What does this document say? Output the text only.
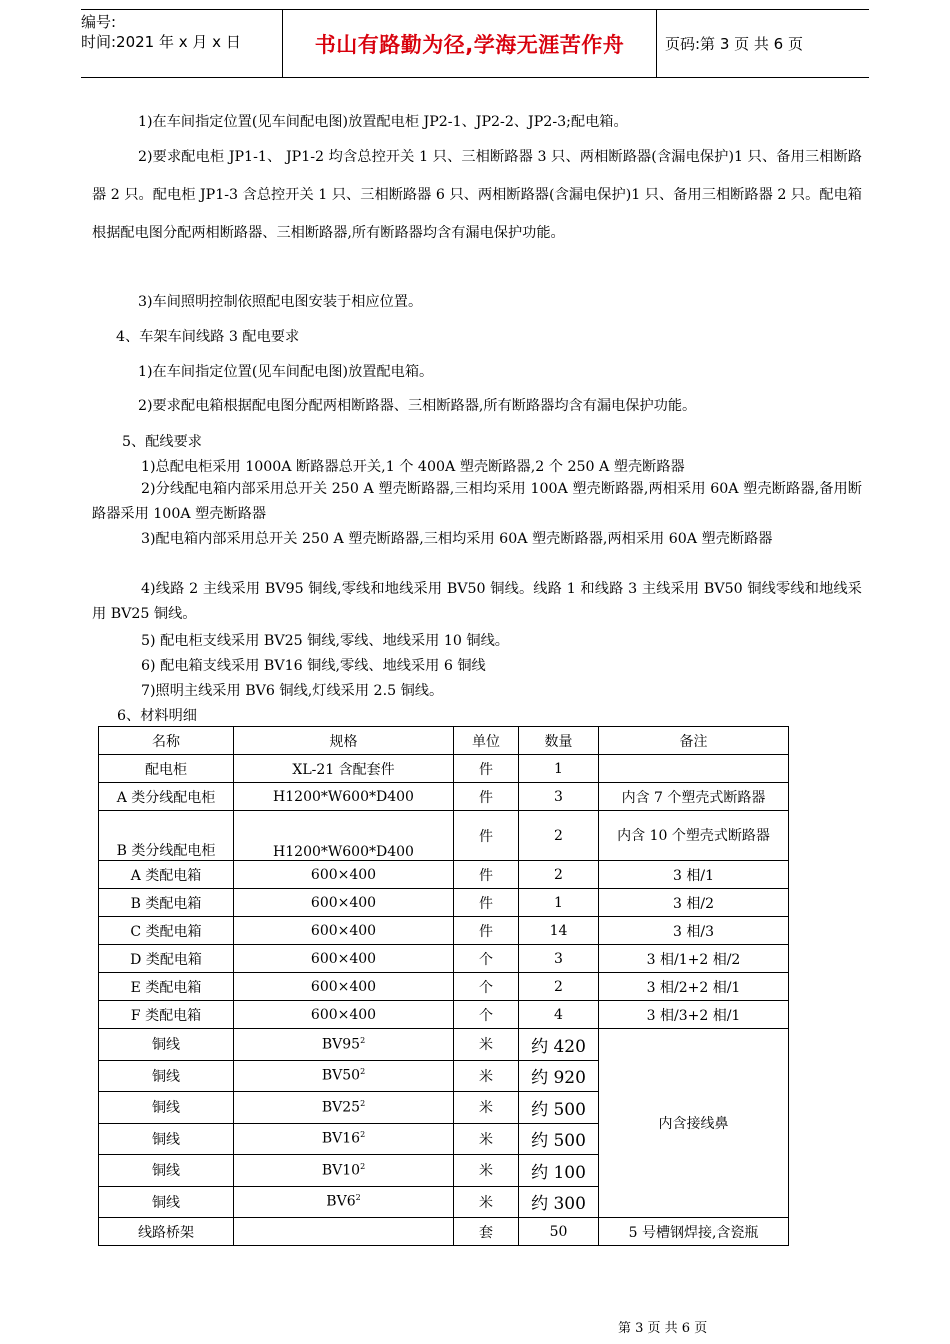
编号:
时间:2021 年 x 月 x 日	书山有路勤为径,学海无涯苦作舟	页码:第 3 页 共 6 页
1)在车间指定位置(见车间配电图)放置配电柜 JP2-1、JP2-2、JP2-3;配电箱。
2)要求配电柜 JP1-1、 JP1-2 均含总控开关 1 只、三相断路器 3 只、两相断路器(含漏电保护)1 只、备用三相断路器 2 只。配电柜 JP1-3 含总控开关 1 只、三相断路器 6 只、两相断路器(含漏电保护)1 只、备用三相断路器 2 只。配电箱根据配电图分配两相断路器、三相断路器,所有断路器均含有漏电保护功能。
3)车间照明控制依照配电图安装于相应位置。
4、车架车间线路 3 配电要求
1)在车间指定位置(见车间配电图)放置配电箱。
2)要求配电箱根据配电图分配两相断路器、三相断路器,所有断路器均含有漏电保护功能。
5、配线要求
1)总配电柜采用 1000A 断路器总开关,1 个 400A 塑壳断路器,2 个 250 A 塑壳断路器
2)分线配电箱内部采用总开关 250 A 塑壳断路器,三相均采用 100A 塑壳断路器,两相采用 60A 塑壳断路器,备用断路器采用 100A 塑壳断路器
3)配电箱内部采用总开关 250 A 塑壳断路器,三相均采用 60A 塑壳断路器,两相采用 60A 塑壳断路器
4)线路 2 主线采用 BV95 铜线,零线和地线采用 BV50 铜线。线路 1 和线路 3 主线采用 BV50 铜线零线和地线采用 BV25 铜线。
5) 配电柜支线采用 BV25 铜线,零线、地线采用 10 铜线。
6) 配电箱支线采用 BV16 铜线,零线、地线采用 6 铜线
7)照明主线采用 BV6 铜线,灯线采用 2.5 铜线。
6、材料明细
名称	规格	单位	数量	备注
配电柜	XL-21 含配套件	件	1	
A 类分线配电柜	H1200*W600*D400	件	3	内含 7 个塑壳式断路器
B 类分线配电柜	H1200*W600*D400	件	2	内含 10 个塑壳式断路器
A 类配电箱	600×400	件	2	3 相/1
B 类配电箱	600×400	件	1	3 相/2
C 类配电箱	600×400	件	14	3 相/3
D 类配电箱	600×400	个	3	3 相/1+2 相/2
E 类配电箱	600×400	个	2	3 相/2+2 相/1
F 类配电箱	600×400	个	4	3 相/3+2 相/1
铜线	$BV95^2$	米	约 420	内含接线鼻
铜线	$BV50^2$	米	约 920	
铜线	$BV25^2$	米	约 500	
铜线	$BV16^2$	米	约 500	
铜线	$BV10^2$	米	约 100	
铜线	$BV6^2$	米	约 300	
线路桥架		套	50	5 号槽钢焊接,含瓷瓶
第 3 页 共 6 页
